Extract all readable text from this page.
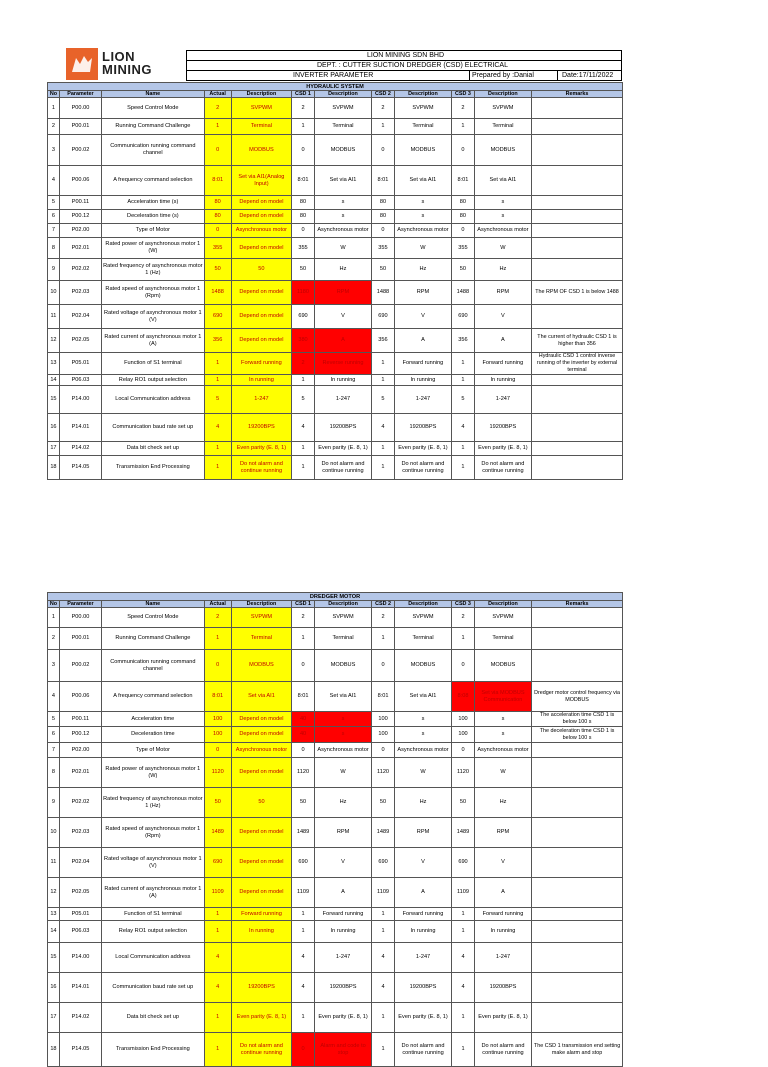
LION
MINING
LION MINING SDN BHD
DEPT. : CUTTER SUCTION DREDGER (CSD) ELECTRICAL
INVERTER PARAMETER	Prepared by :Danial	Date:17/11/2022
HYDRAULIC SYSTEM											
No	Parameter	Name	Actual	Description	CSD 1	Description	CSD 2	Description	CSD 3	Description	Remarks
1	P00.00	Speed Control Mode	2	SVPWM	2	SVPWM	2	SVPWM	2	SVPWM	
2	P00.01	Running Command Challenge	1	Terminal	1	Terminal	1	Terminal	1	Terminal	
3	P00.02	Communication running command channel	0	MODBUS	0	MODBUS	0	MODBUS	0	MODBUS	
4	P00.06	A frequency command selection	8:01	Set via AI1(Analog Input)	8:01	Set via AI1	8:01	Set via AI1	8:01	Set via AI1	
5	P00.11	Acceleration time (s)	80	Depend on model	80	s	80	s	80	s	
6	P00.12	Deceleration time (s)	80	Depend on model	80	s	80	s	80	s	
7	P02.00	Type of Motor	0	Asynchronous motor	0	Asynchronous motor	0	Asynchronous motor	0	Asynchronous motor	
8	P02.01	Rated power of asynchronous motor 1 (W)	355	Depend on model	355	W	355	W	355	W	
9	P02.02	Rated frequency of asynchronous motor 1 (Hz)	50	50	50	Hz	50	Hz	50	Hz	
10	P02.03	Rated speed of asynchronous motor 1 (Rpm)	1488	Depend on model	1180	RPM	1488	RPM	1488	RPM	The RPM OF CSD 1 is below 1488
11	P02.04	Rated voltage of asynchronous motor 1 (V)	690	Depend on model	690	V	690	V	690	V	
12	P02.05	Rated current of asynchronous motor 1 (A)	356	Depend on model	380	A	356	A	356	A	The current of hydraulic CSD 1 is higher than 356
13	P05.01	Function of S1 terminal	1	Forward running	2	Reverse running	1	Forward running	1	Forward running	Hydraulic CSD 1 control inverse running of the inverter by external terminal
14	P06.03	Relay RO1 output selection	1	In running	1	In running	1	In running	1	In running	
15	P14.00	Local Communication address	5	1-247	5	1-247	5	1-247	5	1-247	
16	P14.01	Communication baud rate set up	4	19200BPS	4	19200BPS	4	19200BPS	4	19200BPS	
17	P14.02	Data bit check set up	1	Even parity (E. 8, 1)	1	Even parity (E. 8, 1)	1	Even parity (E. 8, 1)	1	Even parity (E. 8, 1)	
18	P14.05	Transmission End Processing	1	Do not alarm and continue running	1	Do not alarm and continue running	1	Do not alarm and continue running	1	Do not alarm and continue running	
DREDGER MOTOR											
No	Parameter	Name	Actual	Description	CSD 1	Description	CSD 2	Description	CSD 3	Description	Remarks
1	P00.00	Speed Control Mode	2	SVPWM	2	SVPWM	2	SVPWM	2	SVPWM	
2	P00.01	Running Command Challenge	1	Terminal	1	Terminal	1	Terminal	1	Terminal	
3	P00.02	Communication running command channel	0	MODBUS	0	MODBUS	0	MODBUS	0	MODBUS	
4	P00.06	A frequency command selection	8:01	Set via AI1	8:01	Set via AI1	8:01	Set via AI1	8:08	Set via MODBUS Communication	Dredger motor control frequency via MODBUS
5	P00.11	Acceleration time	100	Depend on model	40	s	100	s	100	s	The acceleration time CSD 1 is below 100 s
6	P00.12	Deceleration time	100	Depend on model	40	s	100	s	100	s	The deceleration time CSD 1 is below 100 s
7	P02.00	Type of Motor	0	Asynchronous motor	0	Asynchronous motor	0	Asynchronous motor	0	Asynchronous motor	
8	P02.01	Rated power of asynchronous motor 1 (W)	1120	Depend on model	1120	W	1120	W	1120	W	
9	P02.02	Rated frequency of asynchronous motor 1 (Hz)	50	50	50	Hz	50	Hz	50	Hz	
10	P02.03	Rated speed of asynchronous motor 1 (Rpm)	1489	Depend on model	1489	RPM	1489	RPM	1489	RPM	
11	P02.04	Rated voltage of asynchronous motor 1 (V)	690	Depend on model	690	V	690	V	690	V	
12	P02.05	Rated current of asynchronous motor 1 (A)	1109	Depend on model	1109	A	1109	A	1109	A	
13	P05.01	Function of S1 terminal	1	Forward running	1	Forward running	1	Forward running	1	Forward running	
14	P06.03	Relay RO1 output selection	1	In running	1	In running	1	In running	1	In running	
15	P14.00	Local Communication address	4		4	1-247	4	1-247	4	1-247	
16	P14.01	Communication baud rate set up	4	19200BPS	4	19200BPS	4	19200BPS	4	19200BPS	
17	P14.02	Data bit check set up	1	Even parity (E. 8, 1)	1	Even parity (E. 8, 1)	1	Even parity (E. 8, 1)	1	Even parity (E. 8, 1)	
18	P14.05	Transmission End Processing	1	Do not alarm and continue running	0	Alarm and code to stop	1	Do not alarm and continue running	1	Do not alarm and continue running	The CSD 1 transmission end setting make alarm and stop
